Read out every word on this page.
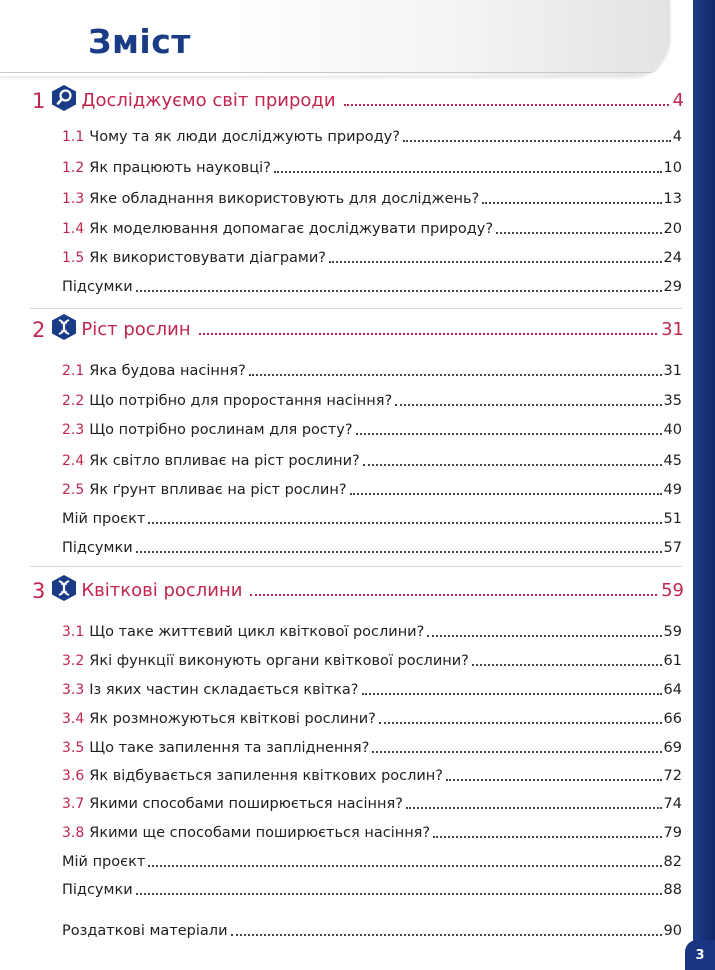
3
Зміст
1 Досліджуємо світ природи	4
1.1 Чому та як люди досліджують природу?	4
1.2 Як працюють науковці?	10
1.3 Яке обладнання використовують для досліджень?	13
1.4 Як моделювання допомагає досліджувати природу?	20
1.5 Як використовувати діаграми?	24
Підсумки	29
2 Ріст рослин	31
2.1 Яка будова насіння?	31
2.2 Що потрібно для проростання насіння?	35
2.3 Що потрібно рослинам для росту?	40
2.4 Як світло впливає на ріст рослини?	45
2.5 Як ґрунт впливає на ріст рослин?	49
Мій проєкт	51
Підсумки	57
3 Квіткові рослини	59
3.1 Що таке життєвий цикл квіткової рослини?	59
3.2 Які функції виконують органи квіткової рослини?	61
3.3 Із яких частин складається квітка?	64
3.4 Як розмножуються квіткові рослини?	66
3.5 Що таке запилення та запліднення?	69
3.6 Як відбувається запилення квіткових рослин?	72
3.7 Якими способами поширюється насіння?	74
3.8 Якими ще способами поширюється насіння?	79
Мій проєкт	82
Підсумки	88
Роздаткові матеріали	90
